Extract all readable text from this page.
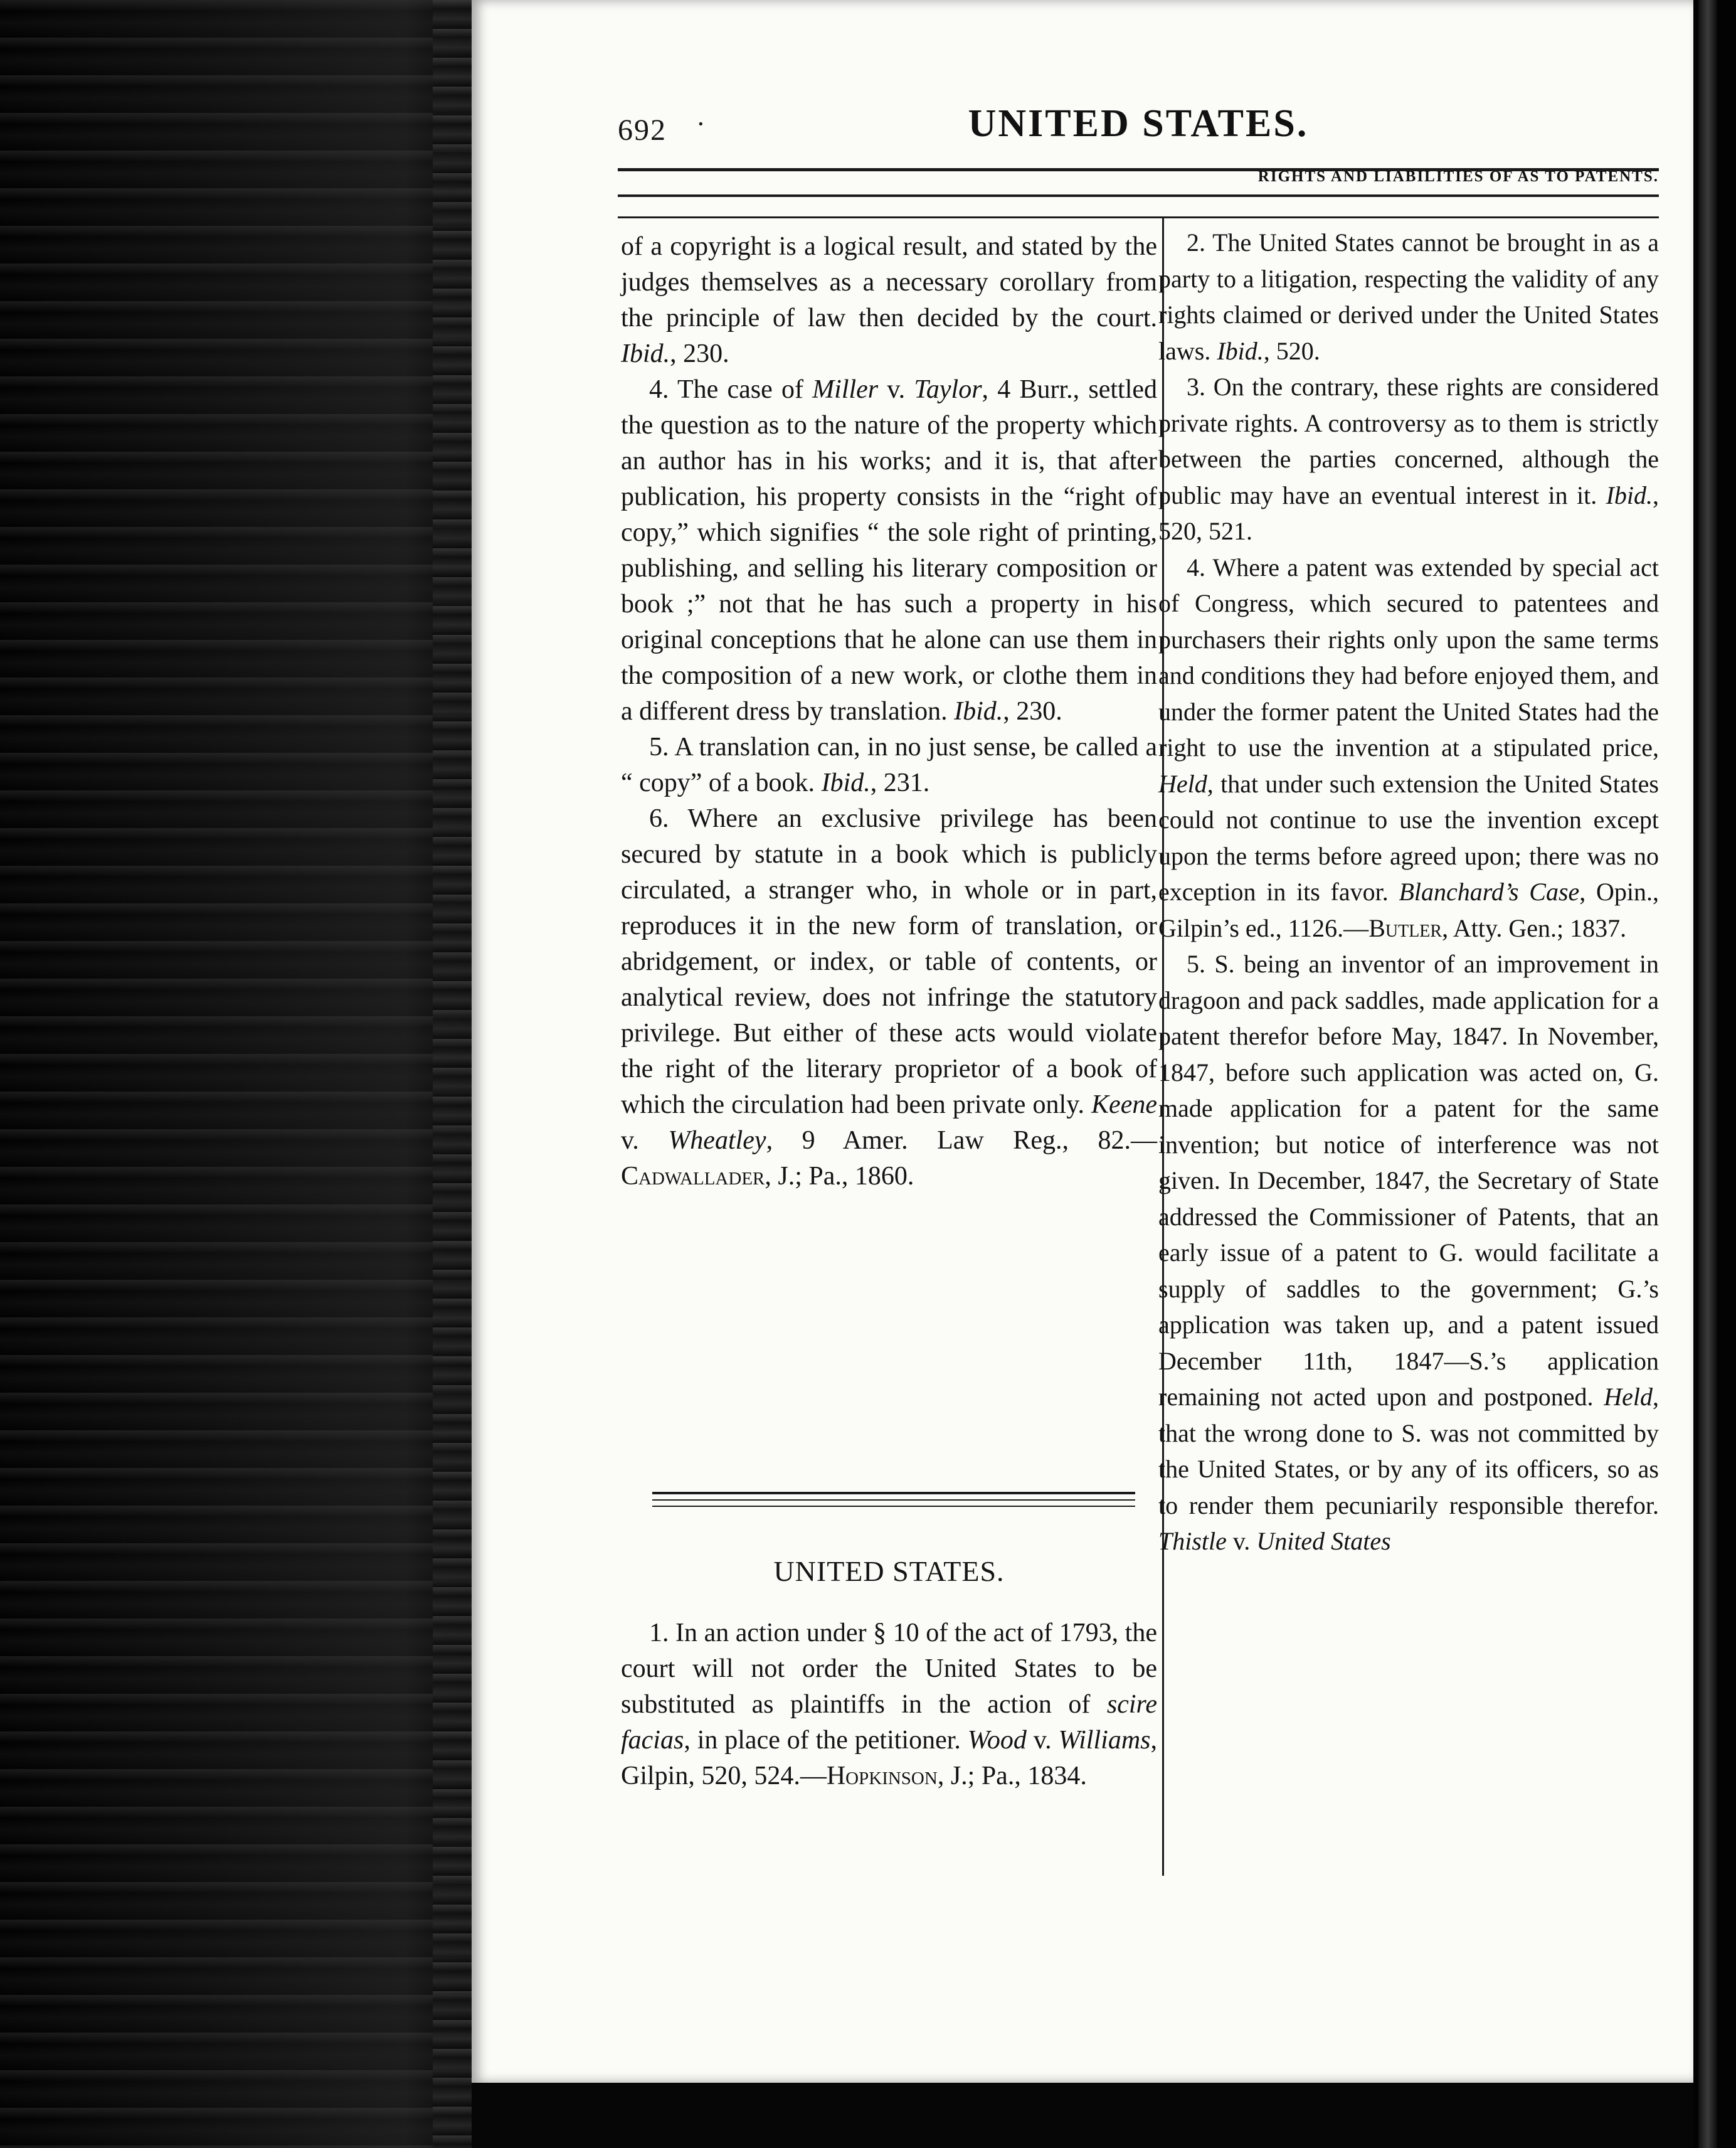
692 ·	UNITED STATES.
RIGHTS AND LIABILITIES OF AS TO PATENTS.

of a copyright is a logical result, and stated by the judges themselves as a necessary corollary from the principle of law then decided by the court. Ibid., 230.

4. The case of Miller v. Taylor, 4 Burr., settled the question as to the nature of the property which an author has in his works; and it is, that after publication, his property consists in the “right of copy,” which signifies “ the sole right of printing, publishing, and selling his literary composition or book ;” not that he has such a property in his original conceptions that he alone can use them in the composition of a new work, or clothe them in a different dress by translation. Ibid., 230.

5. A translation can, in no just sense, be called a “ copy” of a book. Ibid., 231.

6. Where an exclusive privilege has been secured by statute in a book which is publicly circulated, a stranger who, in whole or in part, reproduces it in the new form of translation, or abridgement, or index, or table of contents, or analytical review, does not infringe the statutory privilege. But either of these acts would violate the right of the literary proprietor of a book of which the circulation had been private only. Keene v. Wheatley, 9 Amer. Law Reg., 82.—Cadwallader, J.; Pa., 1860.

UNITED STATES.

1. In an action under § 10 of the act of 1793, the court will not order the United States to be substituted as plaintiffs in the action of scire facias, in place of the petitioner. Wood v. Williams, Gilpin, 520, 524.—Hopkinson, J.; Pa., 1834.

2. The United States cannot be brought in as a party to a litigation, respecting the validity of any rights claimed or derived under the United States laws. Ibid., 520.

3. On the contrary, these rights are considered private rights. A controversy as to them is strictly between the parties concerned, although the public may have an eventual interest in it. Ibid., 520, 521.

4. Where a patent was extended by special act of Congress, which secured to patentees and purchasers their rights only upon the same terms and conditions they had before enjoyed them, and under the former patent the United States had the right to use the invention at a stipulated price, Held, that under such extension the United States could not continue to use the invention except upon the terms before agreed upon; there was no exception in its favor. Blanchard’s Case, Opin., Gilpin’s ed., 1126.—Butler, Atty. Gen.; 1837.

5. S. being an inventor of an improvement in dragoon and pack saddles, made application for a patent therefor before May, 1847. In November, 1847, before such application was acted on, G. made application for a patent for the same invention; but notice of interference was not given. In December, 1847, the Secretary of State addressed the Commissioner of Patents, that an early issue of a patent to G. would facilitate a supply of saddles to the government; G.’s application was taken up, and a patent issued December 11th, 1847—S.’s application remaining not acted upon and postponed. Held, that the wrong done to S. was not committed by the United States, or by any of its officers, so as to render them pecuniarily responsible therefor. Thistle v. United States
